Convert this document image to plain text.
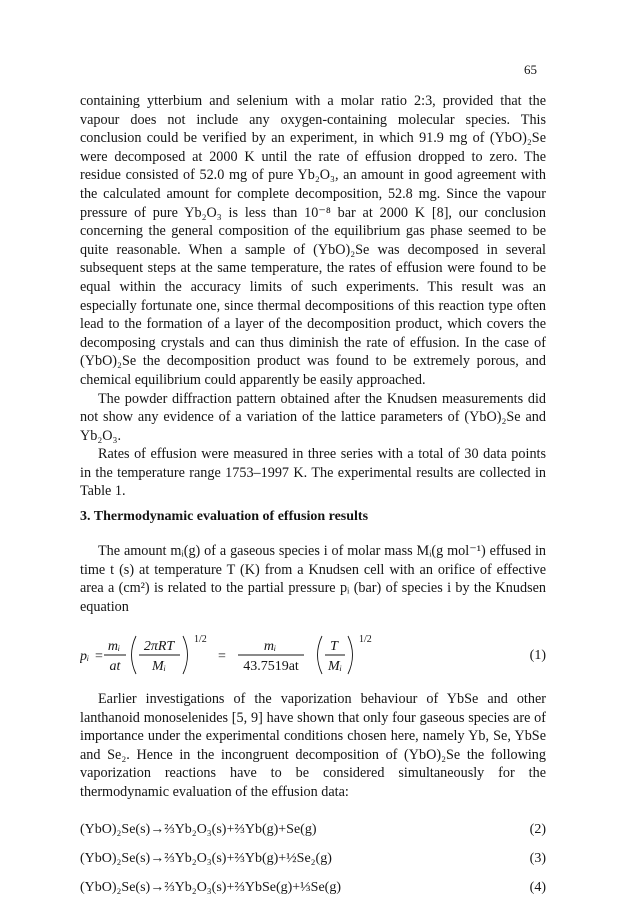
65

containing ytterbium and selenium with a molar ratio 2:3, provided that the vapour does not include any oxygen-containing molecular species. This conclusion could be verified by an experiment, in which 91.9 mg of (YbO)₂Se were decomposed at 2000 K until the rate of effusion dropped to zero. The residue consisted of 52.0 mg of pure Yb₂O₃, an amount in good agreement with the calculated amount for complete decomposition, 52.8 mg. Since the vapour pressure of pure Yb₂O₃ is less than 10⁻⁸ bar at 2000 K [8], our conclusion concerning the general composition of the equilibrium gas phase seemed to be quite reasonable. When a sample of (YbO)₂Se was decomposed in several subsequent steps at the same temperature, the rates of effusion were found to be equal within the accuracy limits of such experiments. This result was an especially fortunate one, since thermal decompositions of this reaction type often lead to the formation of a layer of the decomposition product, which covers the decomposing crystals and can thus diminish the rate of effusion. In the case of (YbO)₂Se the decomposition product was found to be extremely porous, and chemical equilibrium could apparently be easily approached.

The powder diffraction pattern obtained after the Knudsen measurements did not show any evidence of a variation of the lattice parameters of (YbO)₂Se and Yb₂O₃.

Rates of effusion were measured in three series with a total of 30 data points in the temperature range 1753–1997 K. The experimental results are collected in Table 1.

3. Thermodynamic evaluation of effusion results
The amount mᵢ(g) of a gaseous species i of molar mass Mᵢ(g mol⁻¹) effused in time t (s) at temperature T (K) from a Knudsen cell with an orifice of effective area a (cm²) is related to the partial pressure pᵢ (bar) of species i by the Knudsen equation
pᵢ =
mᵢ
at
2πRT
Mᵢ
1/2
=
mᵢ
43.7519at
T
Mᵢ
1/2
(1)
Earlier investigations of the vaporization behaviour of YbSe and other lanthanoid monoselenides [5, 9] have shown that only four gaseous species are of importance under the experimental conditions chosen here, namely Yb, Se, YbSe and Se₂. Hence in the incongruent decomposition of (YbO)₂Se the following vaporization reactions have to be considered simultaneously for the thermodynamic evaluation of the effusion data:
(YbO)₂Se(s)→⅔Yb₂O₃(s)+⅔Yb(g)+Se(g)	(2)
(YbO)₂Se(s)→⅔Yb₂O₃(s)+⅔Yb(g)+½Se₂(g)	(3)
(YbO)₂Se(s)→⅔Yb₂O₃(s)+⅔YbSe(g)+⅓Se(g)	(4)
